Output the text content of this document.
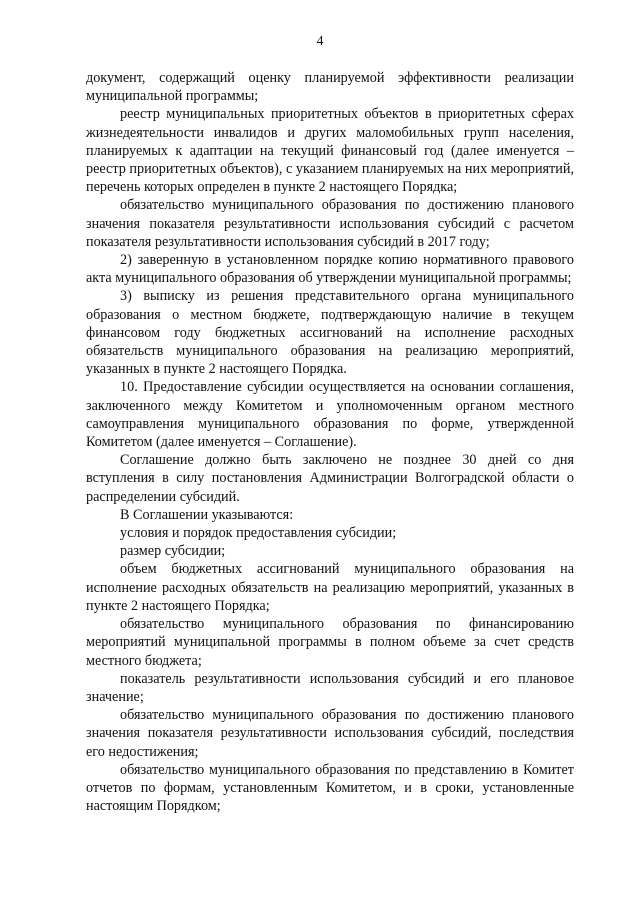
4

документ, содержащий оценку планируемой эффективности реализации муниципальной программы;

реестр муниципальных приоритетных объектов в приоритетных сферах жизнедеятельности инвалидов и других маломобильных групп населения, планируемых к адаптации на текущий финансовый год (далее именуется – реестр приоритетных объектов), с указанием планируемых на них мероприятий, перечень которых определен в пункте 2 настоящего Порядка;

обязательство муниципального образования по достижению планового значения показателя результативности использования субсидий с расчетом показателя результативности использования субсидий в 2017 году;

2) заверенную в установленном порядке копию нормативного правового акта муниципального образования об утверждении муниципальной программы;

3) выписку из решения представительного органа муниципального образования о местном бюджете, подтверждающую наличие в текущем финансовом году бюджетных ассигнований на исполнение расходных обязательств муниципального образования на реализацию мероприятий, указанных в пункте 2 настоящего Порядка.

10. Предоставление субсидии осуществляется на основании соглашения, заключенного между Комитетом и уполномоченным органом местного самоуправления муниципального образования по форме, утвержденной Комитетом (далее именуется – Соглашение).

Соглашение должно быть заключено не позднее 30 дней со дня вступления в силу постановления Администрации Волгоградской области о распределении субсидий.

В Соглашении указываются:

условия и порядок предоставления субсидии;

размер субсидии;

объем бюджетных ассигнований муниципального образования на исполнение расходных обязательств на реализацию мероприятий, указанных в пункте 2 настоящего Порядка;

обязательство муниципального образования по финансированию мероприятий муниципальной программы в полном объеме за счет средств местного бюджета;

показатель результативности использования субсидий и его плановое значение;

обязательство муниципального образования по достижению планового значения показателя результативности использования субсидий, последствия его недостижения;

обязательство муниципального образования по представлению в Комитет отчетов по формам, установленным Комитетом, и в сроки, установленные настоящим Порядком;
